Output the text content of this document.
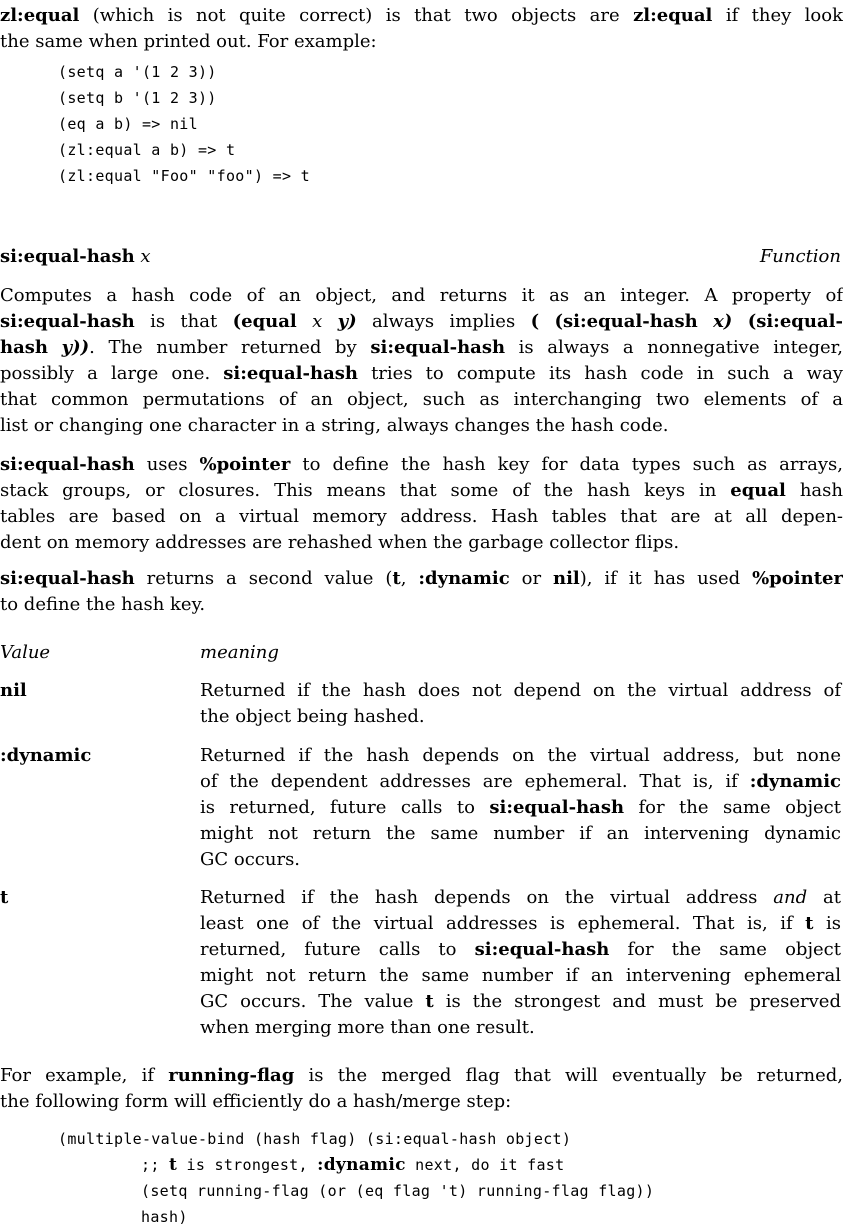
zl:equal (which is not quite correct) is that two objects are zl:equal if they look
the same when printed out. For example:
(setq a '(1 2 3))
(setq b '(1 2 3))
(eq a b) => nil
(zl:equal a b) => t
(zl:equal "Foo" "foo") => t
si:equal-hash x	Function
Computes a hash code of an object, and returns it as an integer. A property of
si:equal-hash is that (equal x y) always implies ( (si:equal-hash x) (si:equal-
hash y)). The number returned by si:equal-hash is always a nonnegative integer,
possibly a large one. si:equal-hash tries to compute its hash code in such a way
that common permutations of an object, such as interchanging two elements of a
list or changing one character in a string, always changes the hash code.
si:equal-hash uses %pointer to define the hash key for data types such as arrays,
stack groups, or closures. This means that some of the hash keys in equal hash
tables are based on a virtual memory address. Hash tables that are at all depen-
dent on memory addresses are rehashed when the garbage collector flips.
si:equal-hash returns a second value (t, :dynamic or nil), if it has used %pointer
to define the hash key.
Value	meaning
nil	Returned if the hash does not depend on the virtual address of
the object being hashed.
:dynamic	Returned if the hash depends on the virtual address, but none
of the dependent addresses are ephemeral. That is, if :dynamic
is returned, future calls to si:equal-hash for the same object
might not return the same number if an intervening dynamic
GC occurs.
t	Returned if the hash depends on the virtual address and at
least one of the virtual addresses is ephemeral. That is, if t is
returned, future calls to si:equal-hash for the same object
might not return the same number if an intervening ephemeral
GC occurs. The value t is the strongest and must be preserved
when merging more than one result.
For example, if running-flag is the merged flag that will eventually be returned,
the following form will efficiently do a hash/merge step:
(multiple-value-bind (hash flag) (si:equal-hash object)
;; t is strongest, :dynamic next, do it fast
(setq running-flag (or (eq flag 't) running-flag flag))
hash)
